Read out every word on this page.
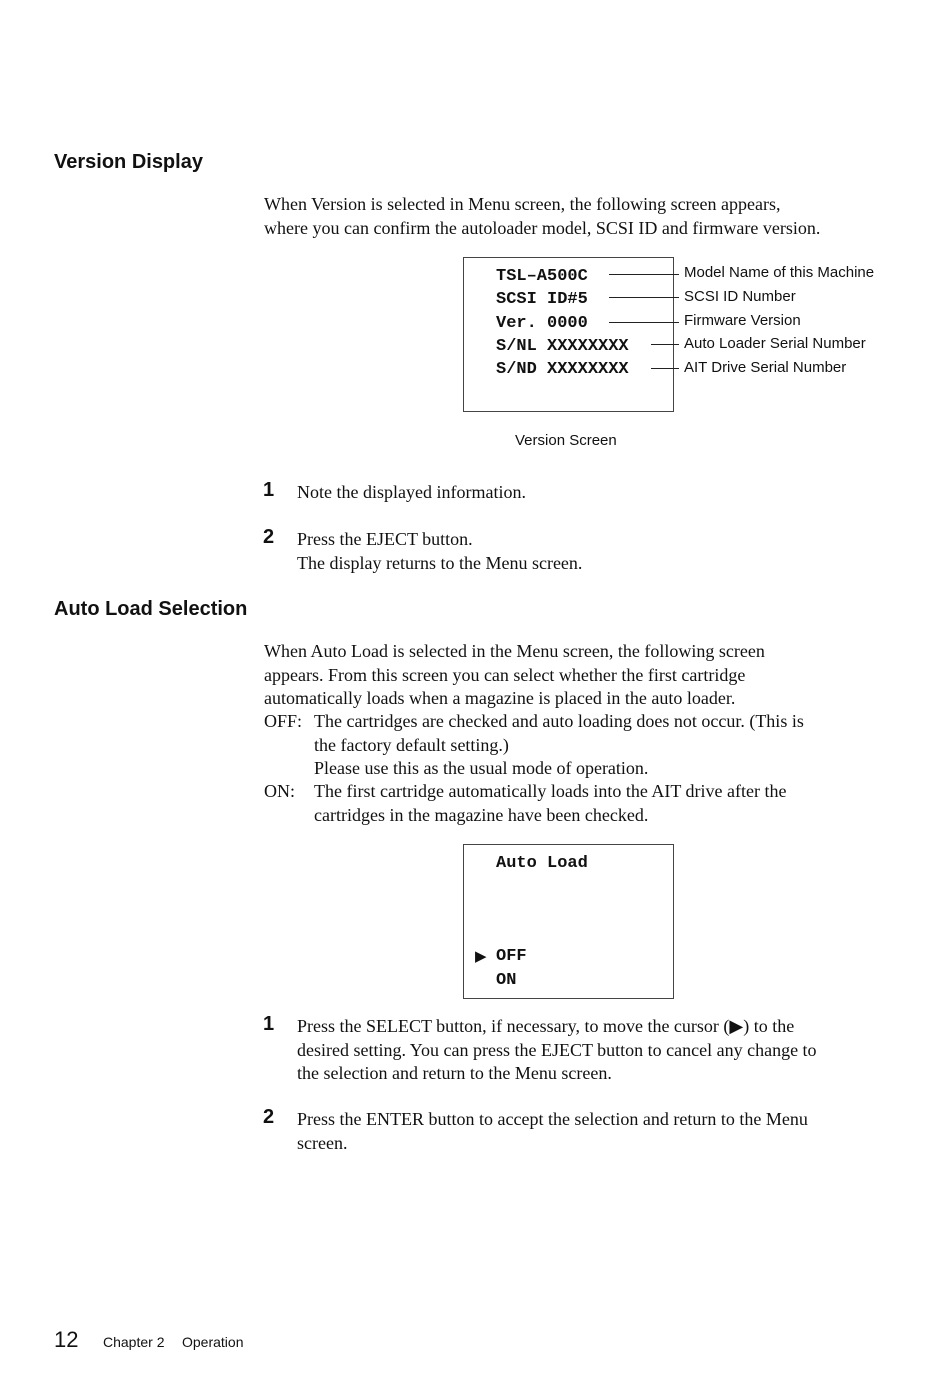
Version Display

When Version is selected in Menu screen, the following screen appears,

where you can confirm the autoloader model, SCSI ID and firmware version.

TSL–A500C
SCSI ID#5
Ver. 0000
S/NL XXXXXXXX
S/ND XXXXXXXX
Model Name of this Machine
SCSI ID Number
Firmware Version
Auto Loader Serial Number
AIT Drive Serial Number
Version Screen
1 Note the displayed information.

2 Press the EJECT button.

The display returns to the Menu screen.

Auto Load Selection

When Auto Load is selected in the Menu screen, the following screen

appears. From this screen you can select whether the first cartridge

automatically loads when a magazine is placed in the auto loader.

OFF: The cartridges are checked and auto loading does not occur. (This is

the factory default setting.)

Please use this as the usual mode of operation.

ON: The first cartridge automatically loads into the AIT drive after the

cartridges in the magazine have been checked.

Auto Load
▶ OFF
ON
1 Press the SELECT button, if necessary, to move the cursor (▶) to the

desired setting. You can press the EJECT button to cancel any change to

the selection and return to the Menu screen.

2 Press the ENTER button to accept the selection and return to the Menu

screen.

12 Chapter 2 Operation
